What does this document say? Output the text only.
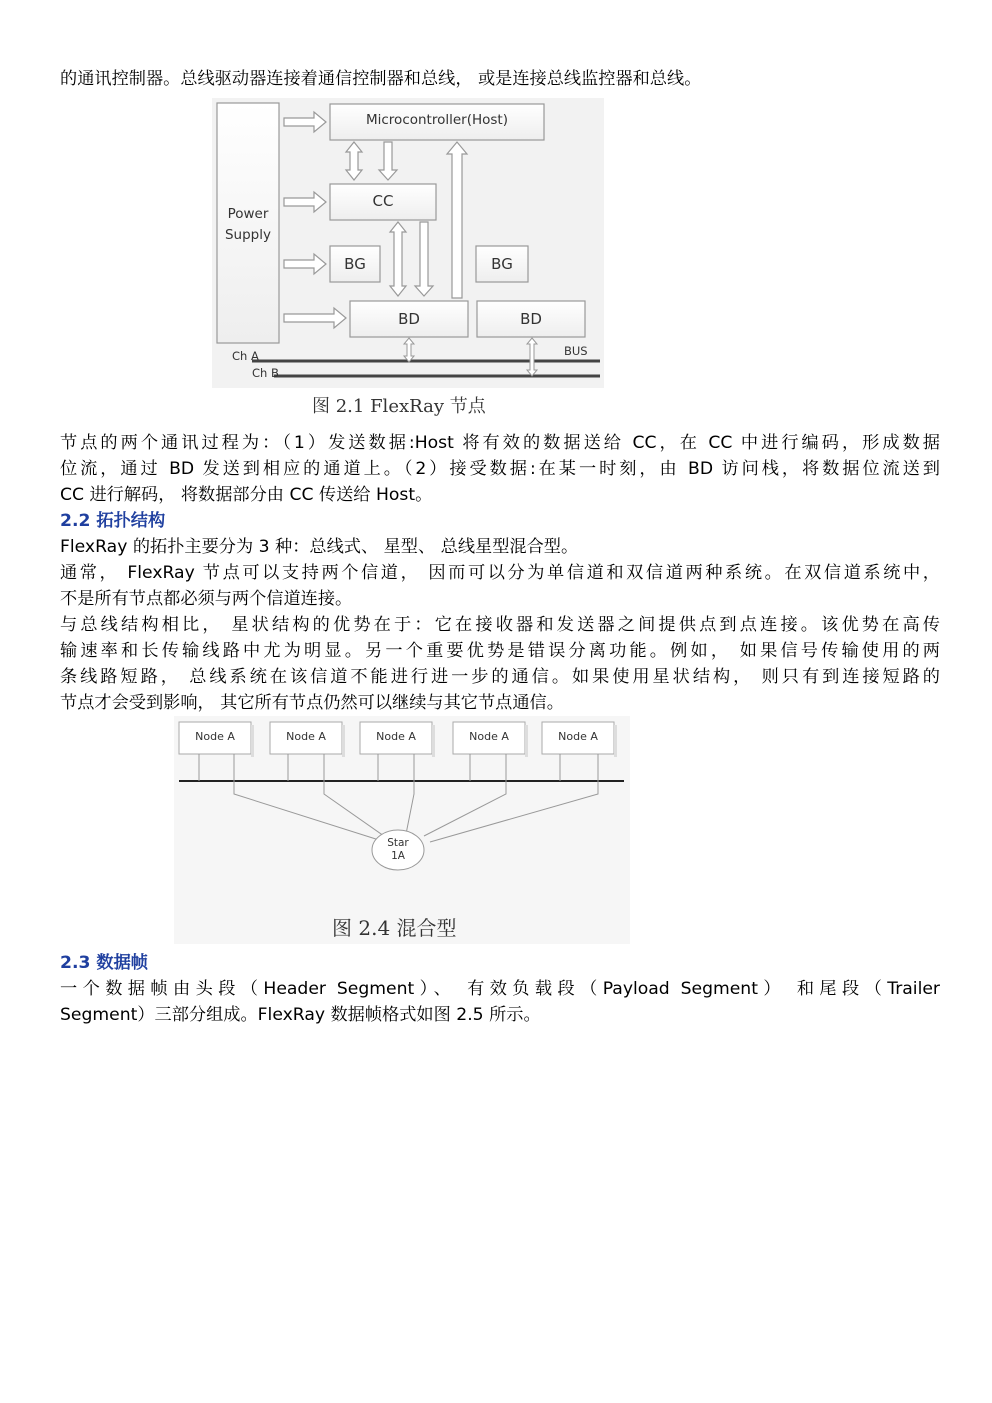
的通讯控制器。总线驱动器连接着通信控制器和总线， 或是连接总线监控器和总线。

Power
Supply
Microcontroller(Host)
CC
BG	BG
BD	BD
Ch A
Ch B
BUS
图 2.1 FlexRay 节点

节点的两个通讯过程为：（1）发送数据:Host 将有效的数据送给 CC，在 CC 中进行编码，形成数据

位流，通过 BD 发送到相应的通道上。（2）接受数据:在某一时刻，由 BD 访问栈，将数据位流送到

CC 进行解码， 将数据部分由 CC 传送给 Host。

2.2 拓扑结构

FlexRay 的拓扑主要分为 3 种：总线式、 星型、 总线星型混合型。

通常， FlexRay 节点可以支持两个信道， 因而可以分为单信道和双信道两种系统。在双信道系统中，

不是所有节点都必须与两个信道连接。

与总线结构相比， 星状结构的优势在于：它在接收器和发送器之间提供点到点连接。该优势在高传

输速率和长传输线路中尤为明显。另一个重要优势是错误分离功能。例如， 如果信号传输使用的两

条线路短路， 总线系统在该信道不能进行进一步的通信。如果使用星状结构， 则只有到连接短路的

节点才会受到影响， 其它所有节点仍然可以继续与其它节点通信。

Node A	Node A	Node A	Node A	Node A
Star
1A
图 2.4 混合型

2.3 数据帧

一个数据帧由头段（Header Segment）、 有效负载段（Payload Segment） 和尾段（Trailer

Segment）三部分组成。FlexRay 数据帧格式如图 2.5 所示。
